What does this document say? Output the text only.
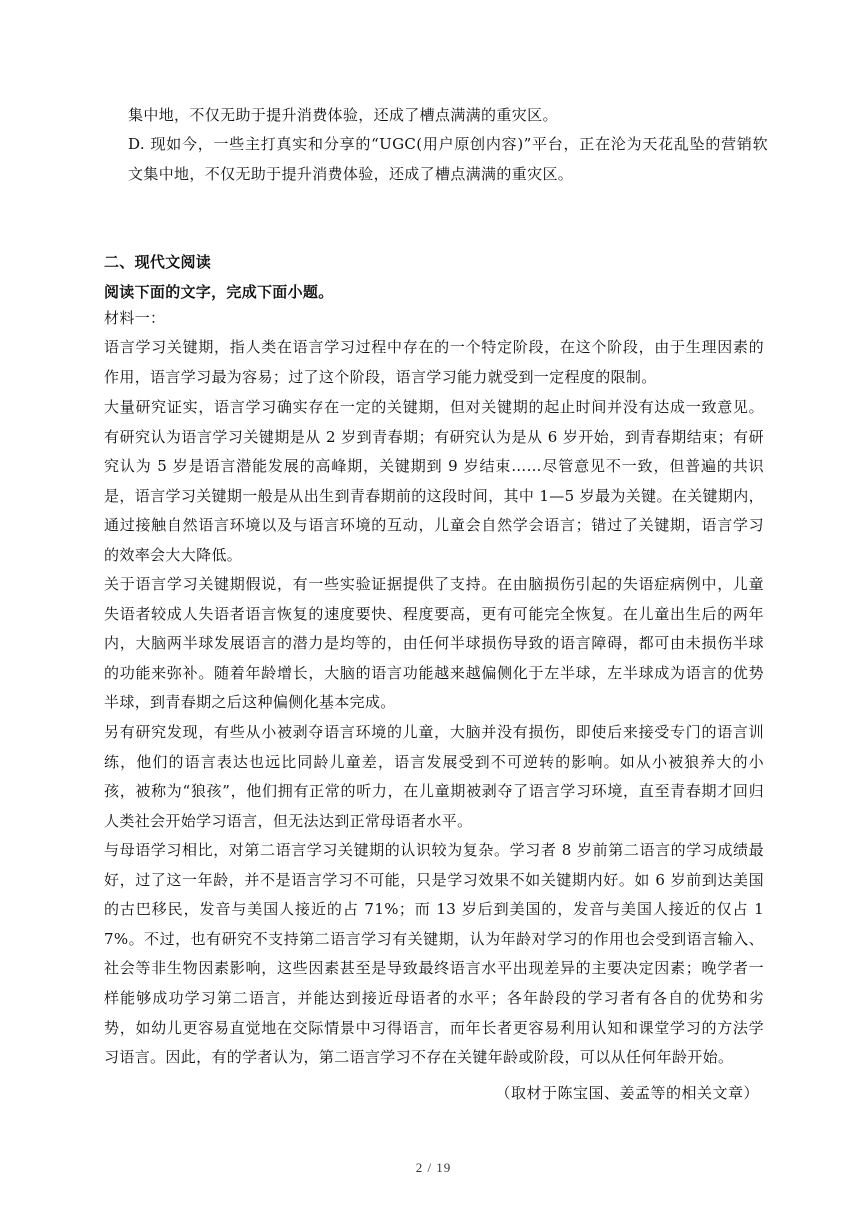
集中地，不仅无助于提升消费体验，还成了槽点满满的重灾区。
D. 现如今，一些主打真实和分享的“UGC(用户原创内容)”平台，正在沦为天花乱坠的营销软文集中地，不仅无助于提升消费体验，还成了槽点满满的重灾区。
二、现代文阅读
阅读下面的文字，完成下面小题。
材料一：
语言学习关键期，指人类在语言学习过程中存在的一个特定阶段，在这个阶段，由于生理因素的作用，语言学习最为容易；过了这个阶段，语言学习能力就受到一定程度的限制。
大量研究证实，语言学习确实存在一定的关键期，但对关键期的起止时间并没有达成一致意见。有研究认为语言学习关键期是从 2 岁到青春期；有研究认为是从 6 岁开始，到青春期结束；有研究认为 5 岁是语言潜能发展的高峰期，关键期到 9 岁结束……尽管意见不一致，但普遍的共识是，语言学习关键期一般是从出生到青春期前的这段时间，其中 1—5 岁最为关键。在关键期内，通过接触自然语言环境以及与语言环境的互动，儿童会自然学会语言；错过了关键期，语言学习的效率会大大降低。
关于语言学习关键期假说，有一些实验证据提供了支持。在由脑损伤引起的失语症病例中，儿童失语者较成人失语者语言恢复的速度要快、程度要高，更有可能完全恢复。在儿童出生后的两年内，大脑两半球发展语言的潜力是均等的，由任何半球损伤导致的语言障碍，都可由未损伤半球的功能来弥补。随着年龄增长，大脑的语言功能越来越偏侧化于左半球，左半球成为语言的优势半球，到青春期之后这种偏侧化基本完成。
另有研究发现，有些从小被剥夺语言环境的儿童，大脑并没有损伤，即使后来接受专门的语言训练，他们的语言表达也远比同龄儿童差，语言发展受到不可逆转的影响。如从小被狼养大的小孩，被称为“狼孩”，他们拥有正常的听力，在儿童期被剥夺了语言学习环境，直至青春期才回归人类社会开始学习语言，但无法达到正常母语者水平。
与母语学习相比，对第二语言学习关键期的认识较为复杂。学习者 8 岁前第二语言的学习成绩最好，过了这一年龄，并不是语言学习不可能，只是学习效果不如关键期内好。如 6 岁前到达美国的古巴移民，发音与美国人接近的占 71%；而 13 岁后到美国的，发音与美国人接近的仅占 17%。不过，也有研究不支持第二语言学习有关键期，认为年龄对学习的作用也会受到语言输入、社会等非生物因素影响，这些因素甚至是导致最终语言水平出现差异的主要决定因素；晚学者一样能够成功学习第二语言，并能达到接近母语者的水平；各年龄段的学习者有各自的优势和劣势，如幼儿更容易直觉地在交际情景中习得语言，而年长者更容易利用认知和课堂学习的方法学习语言。因此，有的学者认为，第二语言学习不存在关键年龄或阶段，可以从任何年龄开始。
（取材于陈宝国、姜孟等的相关文章）
2 / 19
